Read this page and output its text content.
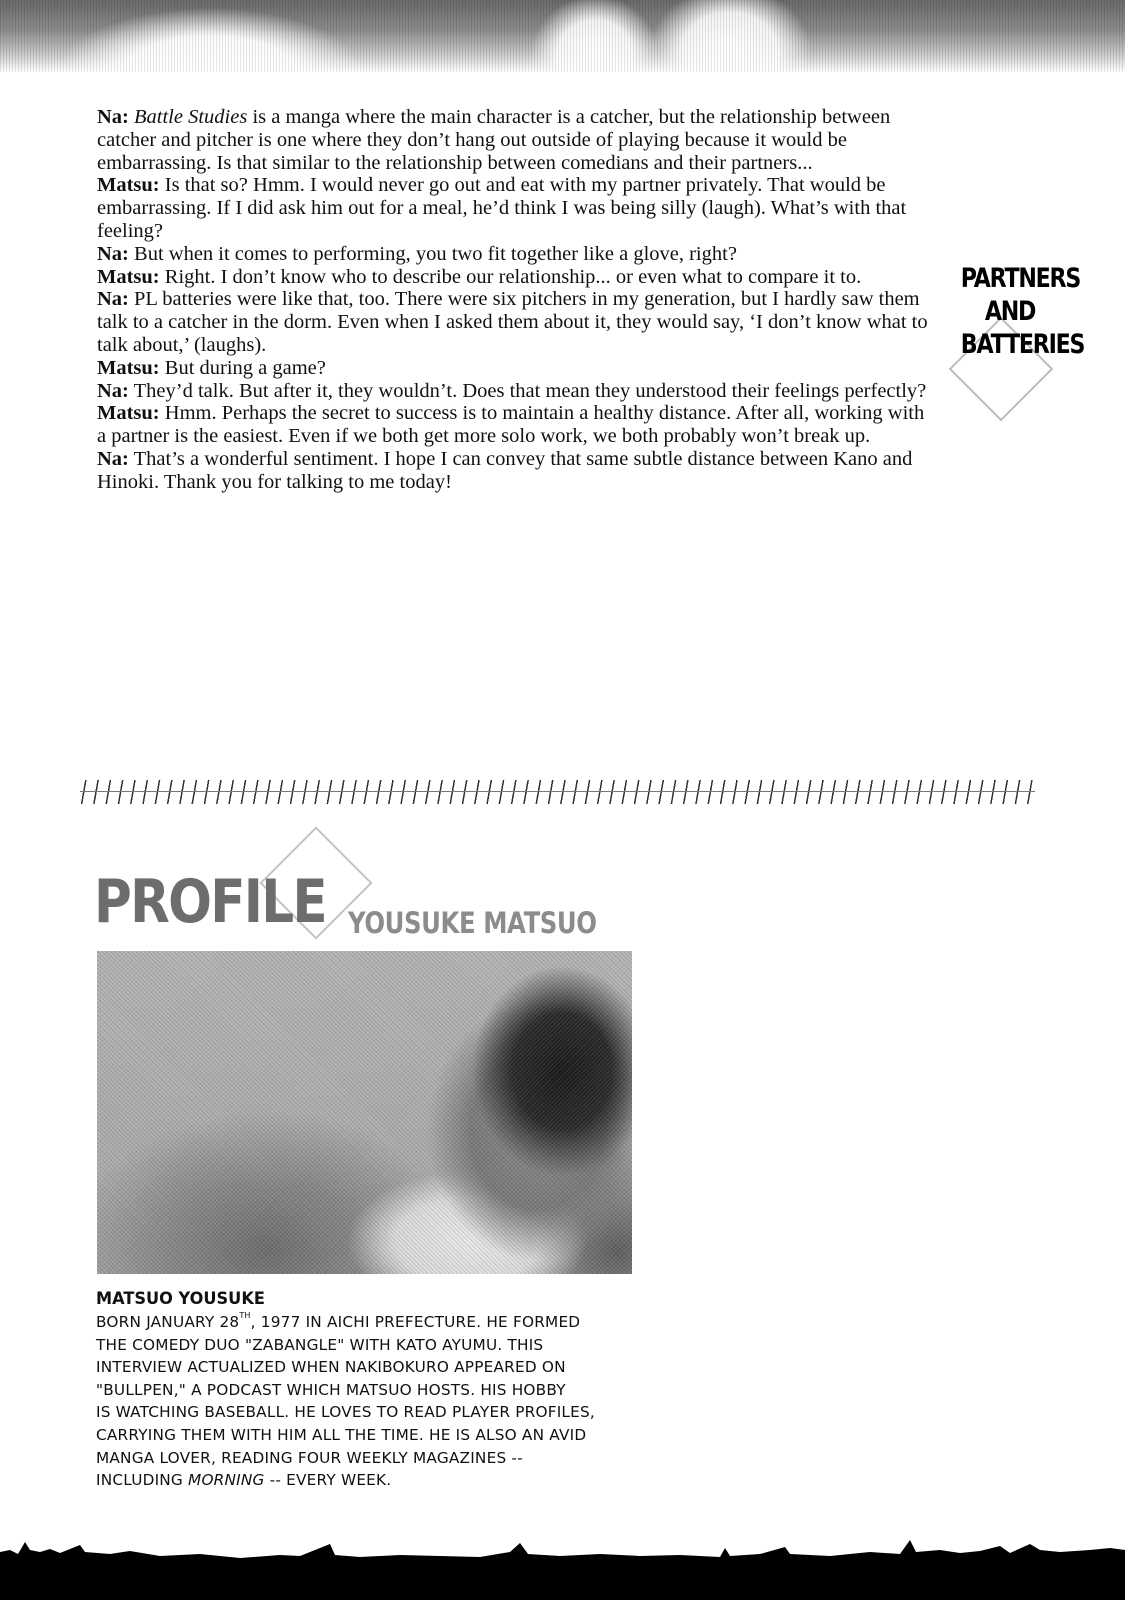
Na: Battle Studies is a manga where the main character is a catcher, but the relationship between catcher and pitcher is one where they don’t hang out outside of playing because it would be embarrassing. Is that similar to the relationship between comedians and their partners...

Matsu: Is that so? Hmm. I would never go out and eat with my partner privately. That would be embarrassing. If I did ask him out for a meal, he’d think I was being silly (laugh). What’s with that feeling?

Na: But when it comes to performing, you two fit together like a glove, right?

Matsu: Right. I don’t know who to describe our relationship... or even what to compare it to.

Na: PL batteries were like that, too. There were six pitchers in my generation, but I hardly saw them talk to a catcher in the dorm. Even when I asked them about it, they would say, ‘I don’t know what to talk about,’ (laughs).

Matsu: But during a game?

Na: They’d talk. But after it, they wouldn’t. Does that mean they understood their feelings perfectly?

Matsu: Hmm. Perhaps the secret to success is to maintain a healthy distance. After all, working with a partner is the easiest. Even if we both get more solo work, we both probably won’t break up.

Na: That’s a wonderful sentiment. I hope I can convey that same subtle distance between Kano and Hinoki. Thank you for talking to me today!

PARTNERS
AND
BATTERIES
PROFILE YOUSUKE MATSUO
MATSUO YOUSUKE

BORN JANUARY 28TH, 1977 IN AICHI PREFECTURE. HE FORMED

THE COMEDY DUO "ZABANGLE" WITH KATO AYUMU. THIS

INTERVIEW ACTUALIZED WHEN NAKIBOKURO APPEARED ON

"BULLPEN," A PODCAST WHICH MATSUO HOSTS. HIS HOBBY

IS WATCHING BASEBALL. HE LOVES TO READ PLAYER PROFILES,

CARRYING THEM WITH HIM ALL THE TIME. HE IS ALSO AN AVID

MANGA LOVER, READING FOUR WEEKLY MAGAZINES --

INCLUDING MORNING -- EVERY WEEK.
